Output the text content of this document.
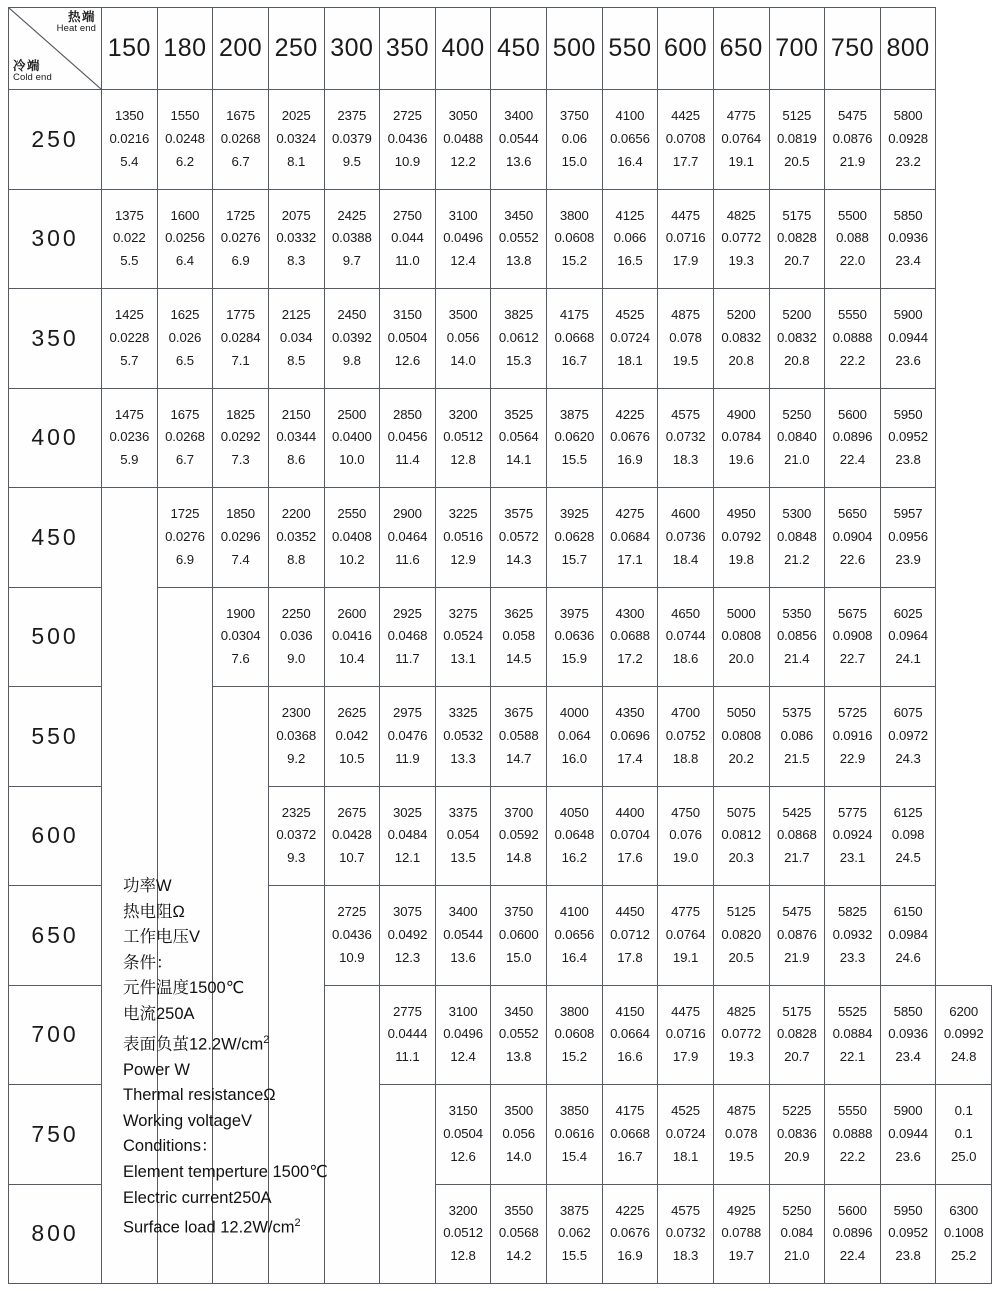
热端
Heat end
冷端
Cold end	150	180	200	250	300	350	400	450	500	550	600	650	700	750	800	
250	1350
0.0216
5.4	1550
0.0248
6.2	1675
0.0268
6.7	2025
0.0324
8.1	2375
0.0379
9.5	2725
0.0436
10.9	3050
0.0488
12.2	3400
0.0544
13.6	3750
0.06
15.0	4100
0.0656
16.4	4425
0.0708
17.7	4775
0.0764
19.1	5125
0.0819
20.5	5475
0.0876
21.9	5800
0.0928
23.2	

300	1375
0.022
5.5	1600
0.0256
6.4	1725
0.0276
6.9	2075
0.0332
8.3	2425
0.0388
9.7	2750
0.044
11.0	3100
0.0496
12.4	3450
0.0552
13.8	3800
0.0608
15.2	4125
0.066
16.5	4475
0.0716
17.9	4825
0.0772
19.3	5175
0.0828
20.7	5500
0.088
22.0	5850
0.0936
23.4	

350	1425
0.0228
5.7	1625
0.026
6.5	1775
0.0284
7.1	2125
0.034
8.5	2450
0.0392
9.8	3150
0.0504
12.6	3500
0.056
14.0	3825
0.0612
15.3	4175
0.0668
16.7	4525
0.0724
18.1	4875
0.078
19.5	5200
0.0832
20.8	5200
0.0832
20.8	5550
0.0888
22.2	5900
0.0944
23.6	

400	1475
0.0236
5.9	1675
0.0268
6.7	1825
0.0292
7.3	2150
0.0344
8.6	2500
0.0400
10.0	2850
0.0456
11.4	3200
0.0512
12.8	3525
0.0564
14.1	3875
0.0620
15.5	4225
0.0676
16.9	4575
0.0732
18.3	4900
0.0784
19.6	5250
0.0840
21.0	5600
0.0896
22.4	5950
0.0952
23.8	

450		1725
0.0276
6.9	1850
0.0296
7.4	2200
0.0352
8.8	2550
0.0408
10.2	2900
0.0464
11.6	3225
0.0516
12.9	3575
0.0572
14.3	3925
0.0628
15.7	4275
0.0684
17.1	4600
0.0736
18.4	4950
0.0792
19.8	5300
0.0848
21.2	5650
0.0904
22.6	5957
0.0956
23.9	

500			1900
0.0304
7.6	2250
0.036
9.0	2600
0.0416
10.4	2925
0.0468
11.7	3275
0.0524
13.1	3625
0.058
14.5	3975
0.0636
15.9	4300
0.0688
17.2	4650
0.0744
18.6	5000
0.0808
20.0	5350
0.0856
21.4	5675
0.0908
22.7	6025
0.0964
24.1	

550				2300
0.0368
9.2	2625
0.042
10.5	2975
0.0476
11.9	3325
0.0532
13.3	3675
0.0588
14.7	4000
0.064
16.0	4350
0.0696
17.4	4700
0.0752
18.8	5050
0.0808
20.2	5375
0.086
21.5	5725
0.0916
22.9	6075
0.0972
24.3	

600				2325
0.0372
9.3	2675
0.0428
10.7	3025
0.0484
12.1	3375
0.054
13.5	3700
0.0592
14.8	4050
0.0648
16.2	4400
0.0704
17.6	4750
0.076
19.0	5075
0.0812
20.3	5425
0.0868
21.7	5775
0.0924
23.1	6125
0.098
24.5	

650					2725
0.0436
10.9	3075
0.0492
12.3	3400
0.0544
13.6	3750
0.0600
15.0	4100
0.0656
16.4	4450
0.0712
17.8	4775
0.0764
19.1	5125
0.0820
20.5	5475
0.0876
21.9	5825
0.0932
23.3	6150
0.0984
24.6	

700						2775
0.0444
11.1	3100
0.0496
12.4	3450
0.0552
13.8	3800
0.0608
15.2	4150
0.0664
16.6	4475
0.0716
17.9	4825
0.0772
19.3	5175
0.0828
20.7	5525
0.0884
22.1	5850
0.0936
23.4	6200
0.0992
24.8

750							3150
0.0504
12.6	3500
0.056
14.0	3850
0.0616
15.4	4175
0.0668
16.7	4525
0.0724
18.1	4875
0.078
19.5	5225
0.0836
20.9	5550
0.0888
22.2	5900
0.0944
23.6	0.1
0.1
25.0

800							3200
0.0512
12.8	3550
0.0568
14.2	3875
0.062
15.5	4225
0.0676
16.9	4575
0.0732
18.3	4925
0.0788
19.7	5250
0.084
21.0	5600
0.0896
22.4	5950
0.0952
23.8	6300
0.1008
25.2
功率W
热电阻Ω
工作电压V
条件：
元件温度1500℃
电流250A
表面负茧$12.2W/cm^2$
Power W
Thermal resistanceΩ
Working voltageV
Conditions：
Element temperture 1500℃
Electric current250A
Surface load $12.2W/cm^2$
